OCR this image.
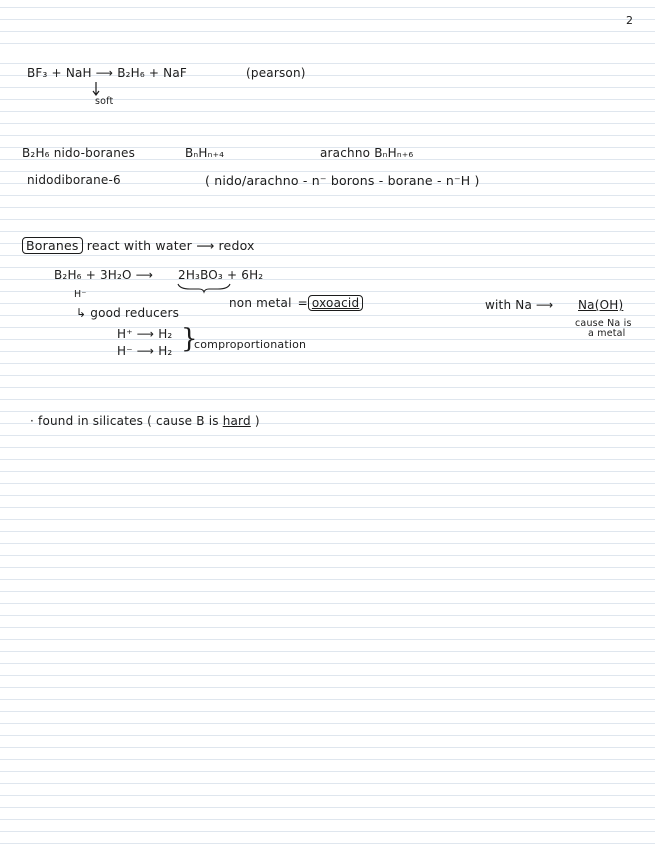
2
BF₃ + NaH ⟶ B₂H₆ + NaF	(pearson)
soft
B₂H₆ nido-boranes	BₙHₙ₊₄	arachno BₙHₙ₊₆
nidodiborane-6	( nido/arachno - n⁻ borons - borane - n⁻H )
Boranes react with water ⟶ redox
B₂H₆ + 3H₂O ⟶ 2H₃BO₃ + 6H₂
H⁻
↳ good reducers
non metal = oxoacid	with Na ⟶ Na(OH)
cause Na is
a metal
H⁺ ⟶ H₂
H⁻ ⟶ H₂ }
comproportionation
· found in silicates ( cause B is hard )
